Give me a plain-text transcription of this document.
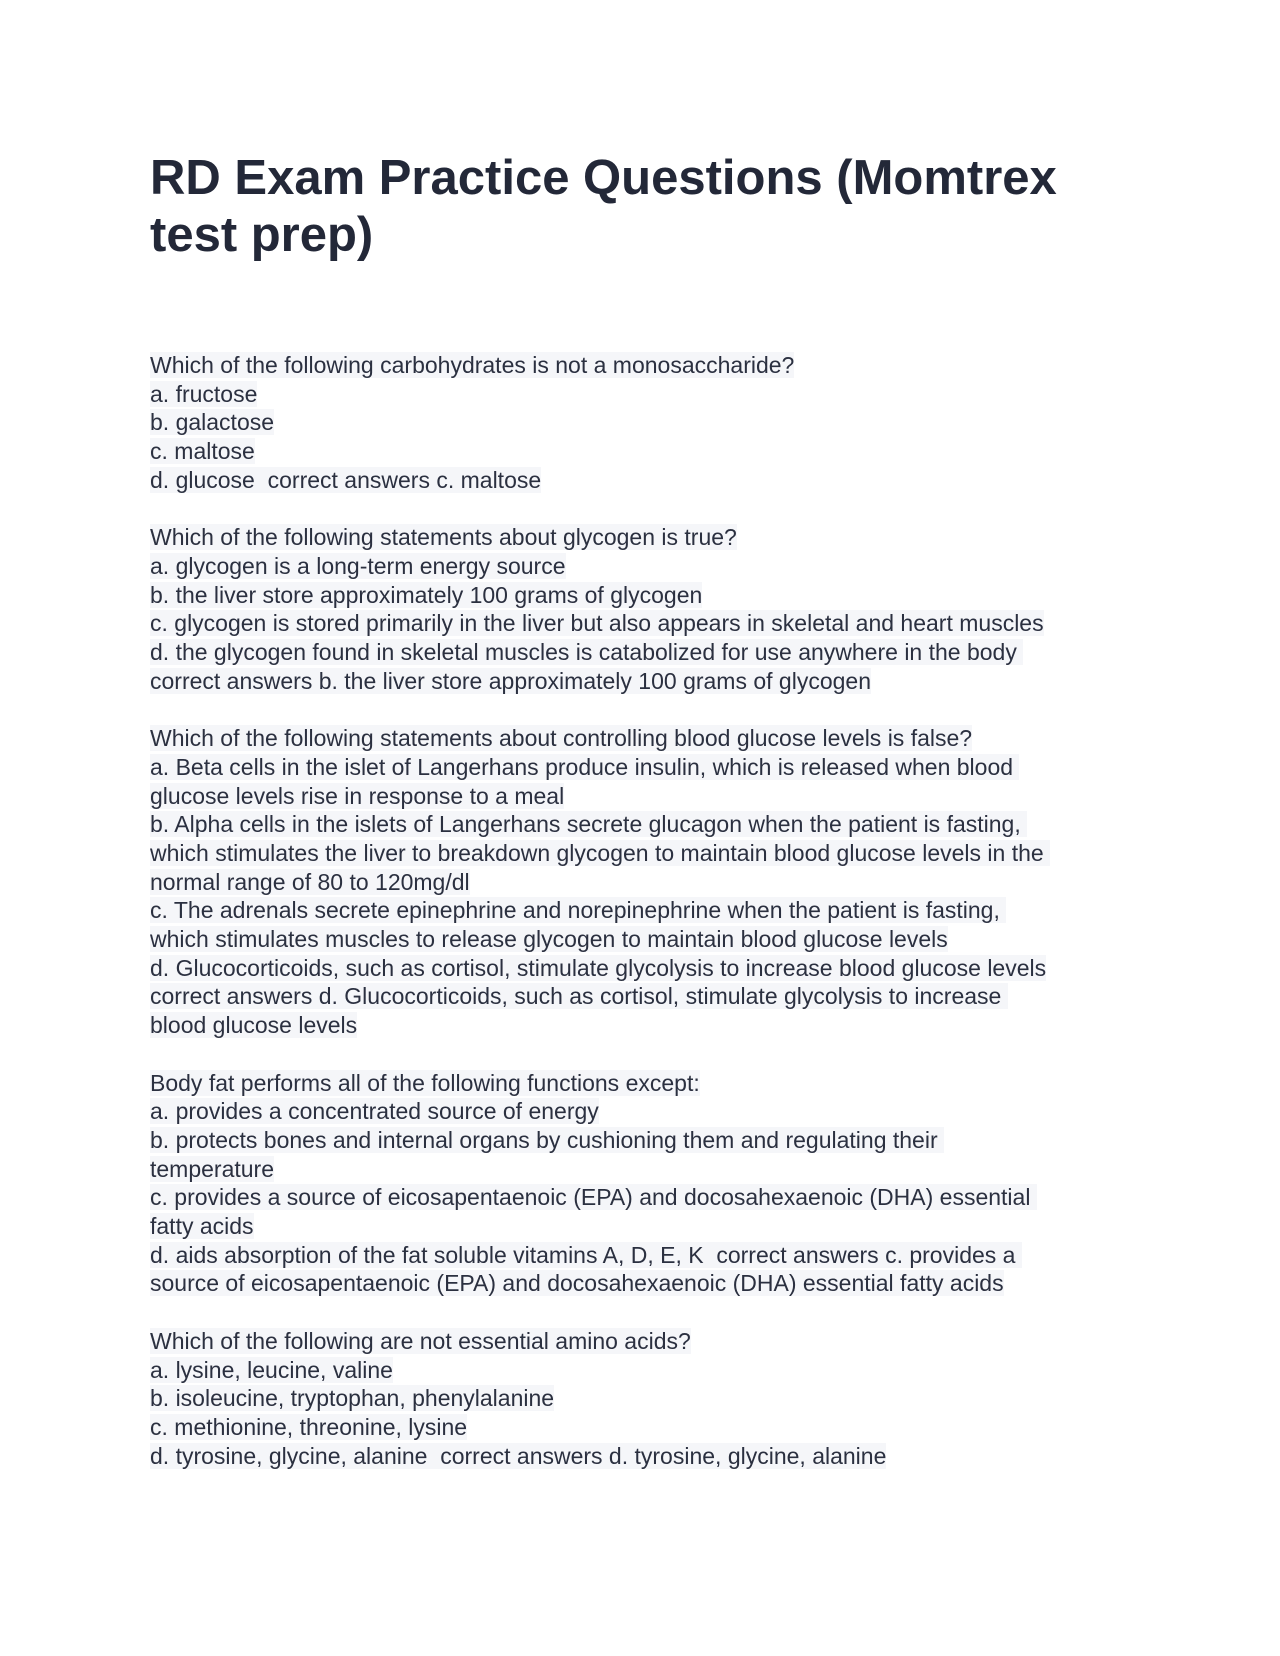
RD Exam Practice Questions (Momtrex test prep)
Which of the following carbohydrates is not a monosaccharide?
a. fructose
b. galactose
c. maltose
d. glucose  correct answers c. maltose
Which of the following statements about glycogen is true?
a. glycogen is a long-term energy source
b. the liver store approximately 100 grams of glycogen
c. glycogen is stored primarily in the liver but also appears in skeletal and heart muscles
d. the glycogen found in skeletal muscles is catabolized for use anywhere in the body
correct answers b. the liver store approximately 100 grams of glycogen
Which of the following statements about controlling blood glucose levels is false?
a. Beta cells in the islet of Langerhans produce insulin, which is released when blood
glucose levels rise in response to a meal
b. Alpha cells in the islets of Langerhans secrete glucagon when the patient is fasting,
which stimulates the liver to breakdown glycogen to maintain blood glucose levels in the
normal range of 80 to 120mg/dl
c. The adrenals secrete epinephrine and norepinephrine when the patient is fasting,
which stimulates muscles to release glycogen to maintain blood glucose levels
d. Glucocorticoids, such as cortisol, stimulate glycolysis to increase blood glucose levels
correct answers d. Glucocorticoids, such as cortisol, stimulate glycolysis to increase
blood glucose levels
Body fat performs all of the following functions except:
a. provides a concentrated source of energy
b. protects bones and internal organs by cushioning them and regulating their
temperature
c. provides a source of eicosapentaenoic (EPA) and docosahexaenoic (DHA) essential
fatty acids
d. aids absorption of the fat soluble vitamins A, D, E, K  correct answers c. provides a
source of eicosapentaenoic (EPA) and docosahexaenoic (DHA) essential fatty acids
Which of the following are not essential amino acids?
a. lysine, leucine, valine
b. isoleucine, tryptophan, phenylalanine
c. methionine, threonine, lysine
d. tyrosine, glycine, alanine  correct answers d. tyrosine, glycine, alanine
